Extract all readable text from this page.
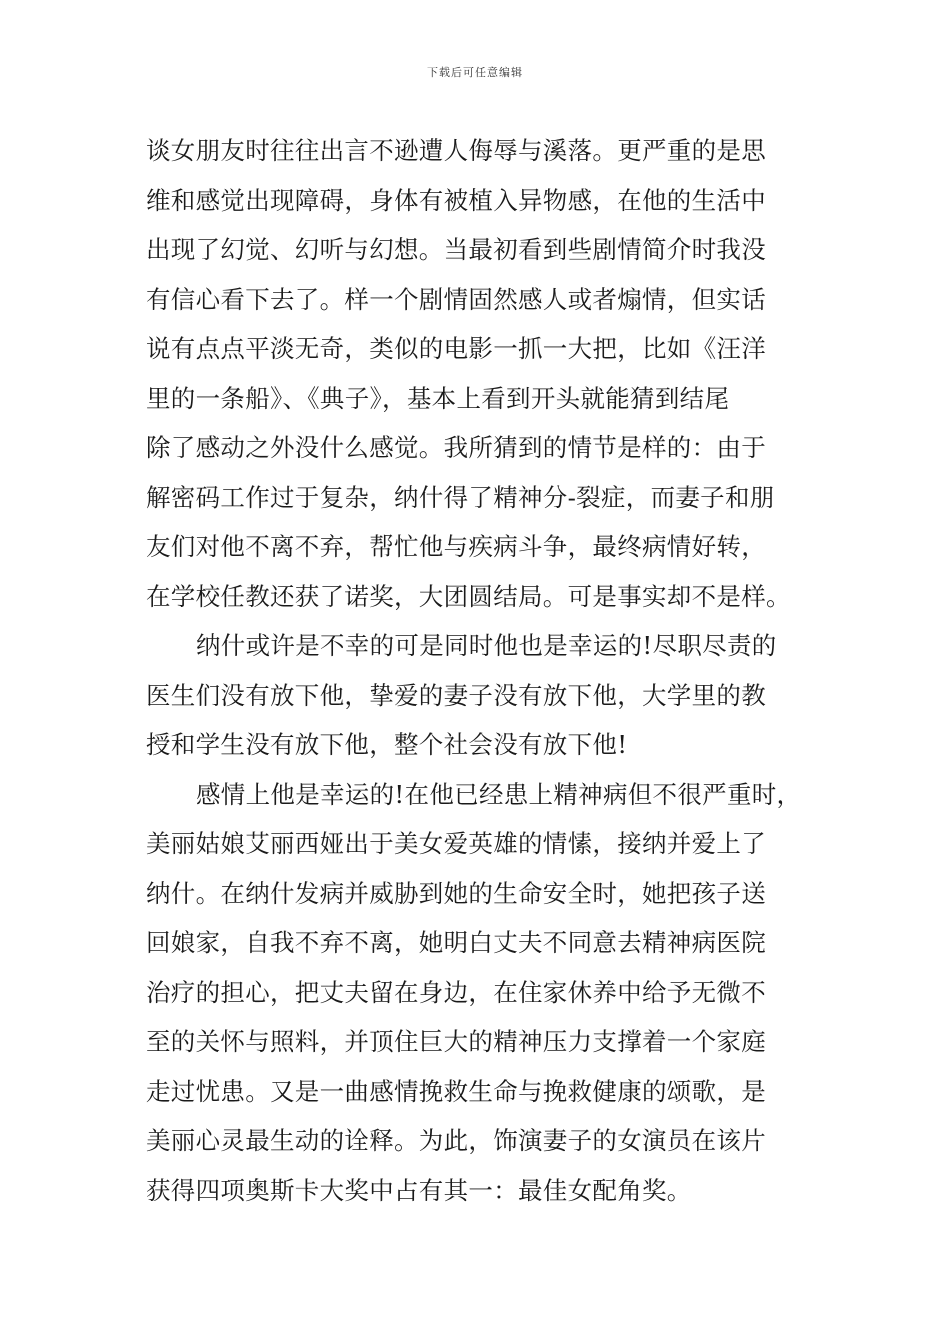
下载后可任意编辑
谈女朋友时往往出言不逊遭人侮辱与溪落。更严重的是思
维和感觉出现障碍，身体有被植入异物感，在他的生活中
出现了幻觉、幻听与幻想。当最初看到些剧情简介时我没
有信心看下去了。样一个剧情固然感人或者煽情，但实话
说有点点平淡无奇，类似的电影一抓一大把，比如《汪洋
里的一条船》、《典子》，基本上看到开头就能猜到结尾
除了感动之外没什么感觉。我所猜到的情节是样的：由于
解密码工作过于复杂，纳什得了精神分-裂症，而妻子和朋
友们对他不离不弃，帮忙他与疾病斗争，最终病情好转，
在学校任教还获了诺奖，大团圆结局。可是事实却不是样。
纳什或许是不幸的可是同时他也是幸运的!尽职尽责的
医生们没有放下他，挚爱的妻子没有放下他，大学里的教
授和学生没有放下他，整个社会没有放下他!
感情上他是幸运的!在他已经患上精神病但不很严重时，
美丽姑娘艾丽西娅出于美女爱英雄的情愫，接纳并爱上了
纳什。在纳什发病并威胁到她的生命安全时，她把孩子送
回娘家，自我不弃不离，她明白丈夫不同意去精神病医院
治疗的担心，把丈夫留在身边，在住家休养中给予无微不
至的关怀与照料，并顶住巨大的精神压力支撑着一个家庭
走过忧患。又是一曲感情挽救生命与挽救健康的颂歌，是
美丽心灵最生动的诠释。为此，饰演妻子的女演员在该片
获得四项奥斯卡大奖中占有其一：最佳女配角奖。
